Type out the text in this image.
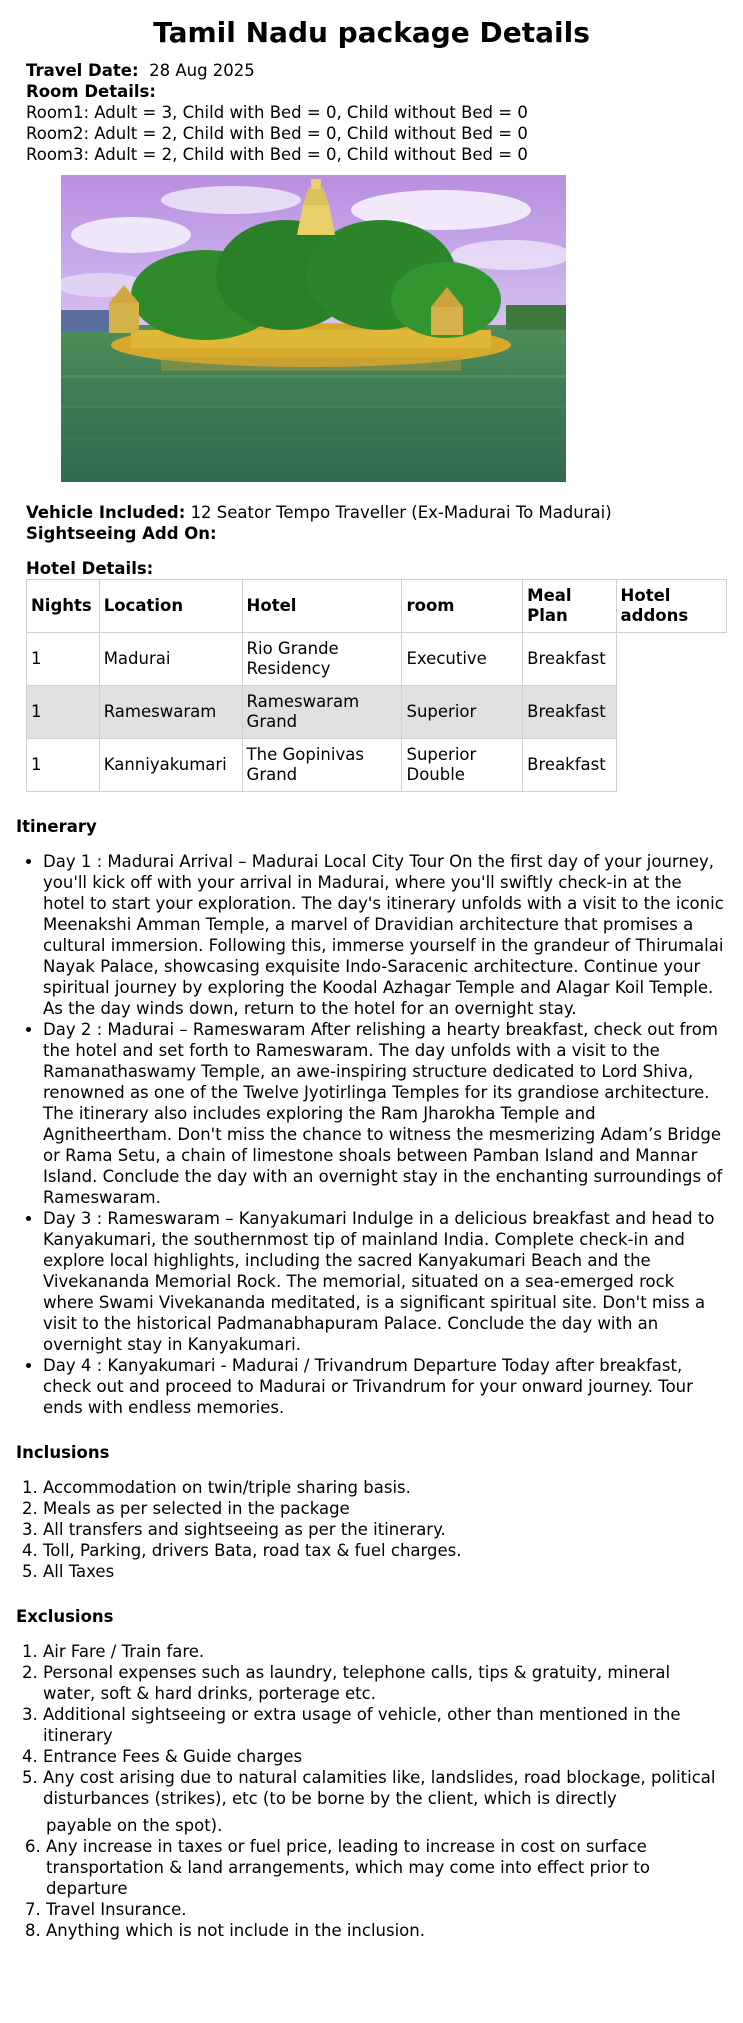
Tamil Nadu package Details
Travel Date: 28 Aug 2025
Room Details:
Room1: Adult = 3, Child with Bed = 0, Child without Bed = 0
Room2: Adult = 2, Child with Bed = 0, Child without Bed = 0
Room3: Adult = 2, Child with Bed = 0, Child without Bed = 0
Vehicle Included: 12 Seator Tempo Traveller (Ex-Madurai To Madurai)
Sightseeing Add On:
Hotel Details:
Nights	Location	Hotel	room	Meal Plan	Hotel addons
1	Madurai	Rio Grande Residency	Executive	Breakfast	
1	Rameswaram	Rameswaram Grand	Superior	Breakfast	
1	Kanniyakumari	The Gopinivas Grand	Superior Double	Breakfast	
Itinerary
• Day 1 : Madurai Arrival – Madurai Local City Tour On the first day of your journey, you'll kick off with your arrival in Madurai, where you'll swiftly check-in at the hotel to start your exploration. The day's itinerary unfolds with a visit to the iconic Meenakshi Amman Temple, a marvel of Dravidian architecture that promises a cultural immersion. Following this, immerse yourself in the grandeur of Thirumalai Nayak Palace, showcasing exquisite Indo-Saracenic architecture. Continue your spiritual journey by exploring the Koodal Azhagar Temple and Alagar Koil Temple. As the day winds down, return to the hotel for an overnight stay.
• Day 2 : Madurai – Rameswaram After relishing a hearty breakfast, check out from the hotel and set forth to Rameswaram. The day unfolds with a visit to the Ramanathaswamy Temple, an awe-inspiring structure dedicated to Lord Shiva, renowned as one of the Twelve Jyotirlinga Temples for its grandiose architecture. The itinerary also includes exploring the Ram Jharokha Temple and Agnitheertham. Don't miss the chance to witness the mesmerizing Adam’s Bridge or Rama Setu, a chain of limestone shoals between Pamban Island and Mannar Island. Conclude the day with an overnight stay in the enchanting surroundings of Rameswaram.
• Day 3 : Rameswaram – Kanyakumari Indulge in a delicious breakfast and head to Kanyakumari, the southernmost tip of mainland India. Complete check-in and explore local highlights, including the sacred Kanyakumari Beach and the Vivekananda Memorial Rock. The memorial, situated on a sea-emerged rock where Swami Vivekananda meditated, is a significant spiritual site. Don't miss a visit to the historical Padmanabhapuram Palace. Conclude the day with an overnight stay in Kanyakumari.
• Day 4 : Kanyakumari - Madurai / Trivandrum Departure Today after breakfast, check out and proceed to Madurai or Trivandrum for your onward journey. Tour ends with endless memories.
Inclusions
1. Accommodation on twin/triple sharing basis.
2. Meals as per selected in the package
3. All transfers and sightseeing as per the itinerary.
4. Toll, Parking, drivers Bata, road tax & fuel charges.
5. All Taxes
Exclusions
1. Air Fare / Train fare.
2. Personal expenses such as laundry, telephone calls, tips & gratuity, mineral water, soft & hard drinks, porterage etc.
3. Additional sightseeing or extra usage of vehicle, other than mentioned in the itinerary
4. Entrance Fees & Guide charges
5. Any cost arising due to natural calamities like, landslides, road blockage, political disturbances (strikes), etc (to be borne by the client, which is directly
payable on the spot).
6. Any increase in taxes or fuel price, leading to increase in cost on surface transportation & land arrangements, which may come into effect prior to departure
7. Travel Insurance.
8. Anything which is not include in the inclusion.
